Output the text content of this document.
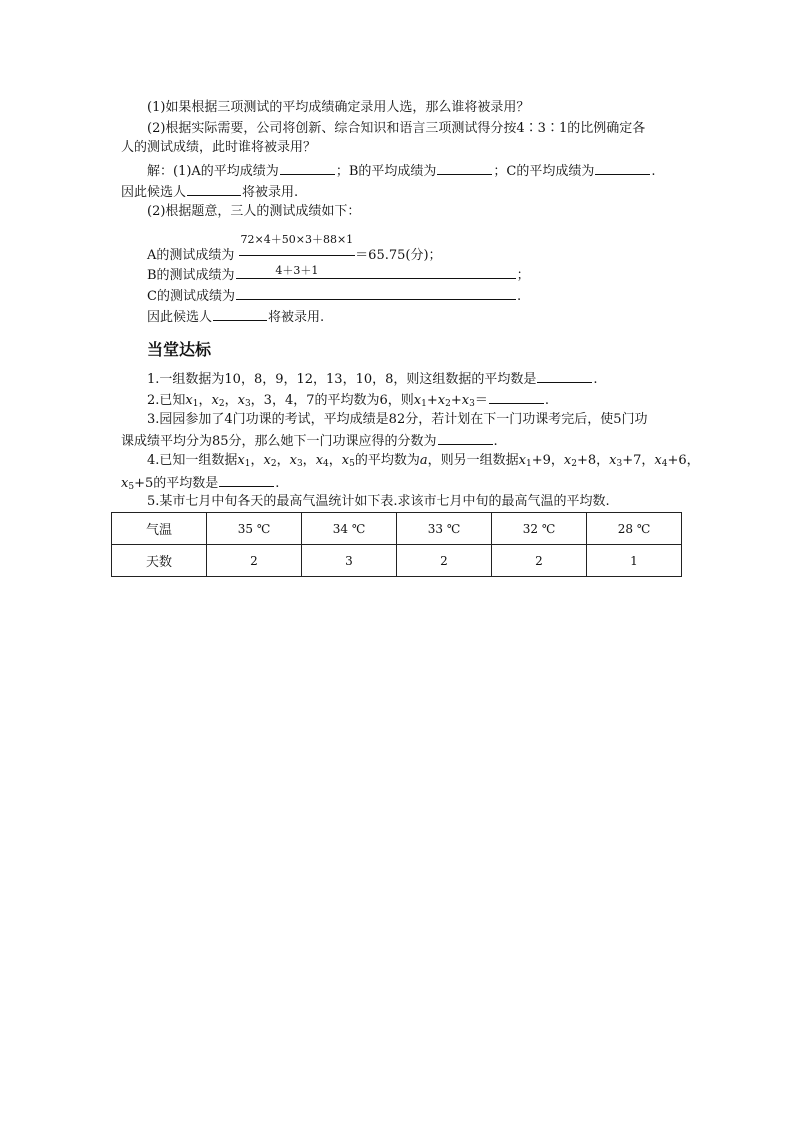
(1)如果根据三项测试的平均成绩确定录用人选，那么谁将被录用？
(2)根据实际需要，公司将创新、综合知识和语言三项测试得分按4∶3∶1的比例确定各
人的测试成绩，此时谁将被录用？
解：(1)A的平均成绩为	；B的平均成绩为	；C的平均成绩为	.
因此候选人	将被录用.
(2)根据题意，三人的测试成绩如下：
A的测试成绩为 $\frac{72\times 4+50\times 3+88\times 1}{4+3+1} =65.75$(分)；
B的测试成绩为	；
C的测试成绩为	.
因此候选人	将被录用.
当堂达标
1.一组数据为10，8，9，12，13，10，8，则这组数据的平均数是	.
2.已知$x_1$，$x_2$，$x_3$，3，4，7的平均数为6，则$x_1+x_2+x_3=$	.
3.园园参加了4门功课的考试，平均成绩是82分，若计划在下一门功课考完后，使5门功
课成绩平均分为85分，那么她下一门功课应得的分数为	.
4.已知一组数据$x_1$，$x_2$，$x_3$，$x_4$，$x_5$的平均数为a，则另一组数据$x_1+9$，$x_2+8$，$x_3+7$，$x_4+6$，
$x_5+5$的平均数是	.
5.某市七月中旬各天的最高气温统计如下表.求该市七月中旬的最高气温的平均数.
气温	35 ℃	34 ℃	33 ℃	32 ℃	28 ℃
天数	2	3	2	2	1
